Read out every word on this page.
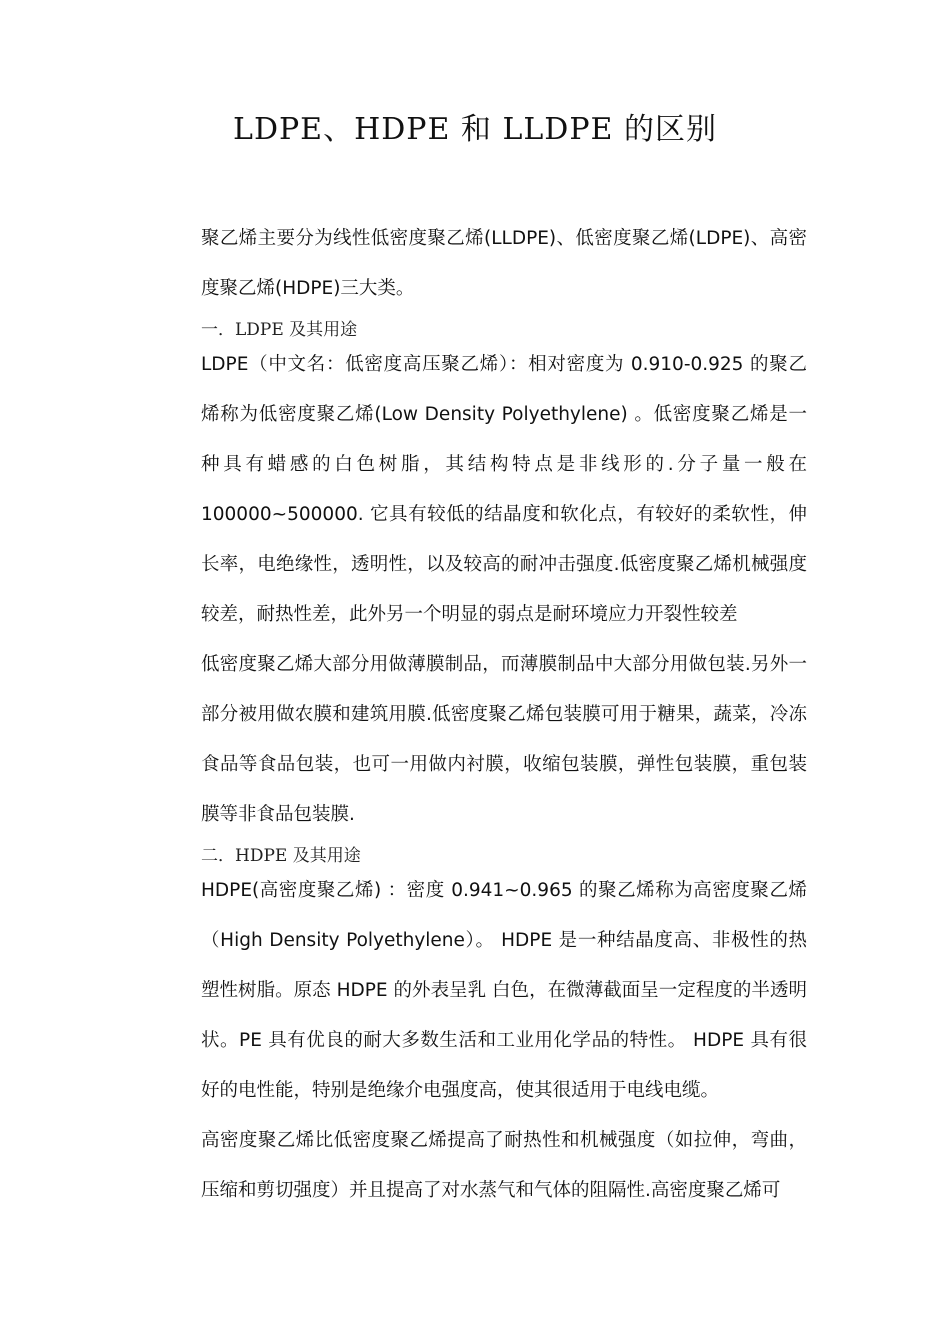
LDPE、HDPE 和 LLDPE 的区别

聚乙烯主要分为线性低密度聚乙烯(LLDPE)、低密度聚乙烯(LDPE)、高密度聚乙烯(HDPE)三大类。

一．LDPE 及其用途

LDPE（中文名：低密度高压聚乙烯）：相对密度为 0.910-0.925 的聚乙烯称为低密度聚乙烯(Low Density Polyethylene) 。低密度聚乙烯是一种具有蜡感的白色树脂，其结构特点是非线形的.分子量一般在 100000~500000. 它具有较低的结晶度和软化点，有较好的柔软性，伸长率，电绝缘性，透明性，以及较高的耐冲击强度.低密度聚乙烯机械强度较差，耐热性差，此外另一个明显的弱点是耐环境应力开裂性较差

低密度聚乙烯大部分用做薄膜制品，而薄膜制品中大部分用做包装.另外一部分被用做农膜和建筑用膜.低密度聚乙烯包装膜可用于糖果，蔬菜，冷冻食品等食品包装，也可一用做内衬膜，收缩包装膜，弹性包装膜，重包装膜等非食品包装膜.

二．HDPE 及其用途

HDPE(高密度聚乙烯) ：密度 0.941~0.965 的聚乙烯称为高密度聚乙烯（High Density Polyethylene）。 HDPE 是一种结晶度高、非极性的热塑性树脂。原态 HDPE 的外表呈乳 白色，在微薄截面呈一定程度的半透明状。PE 具有优良的耐大多数生活和工业用化学品的特性。 HDPE 具有很好的电性能，特别是绝缘介电强度高，使其很适用于电线电缆。

高密度聚乙烯比低密度聚乙烯提高了耐热性和机械强度（如拉伸，弯曲，压缩和剪切强度）并且提高了对水蒸气和气体的阻隔性.高密度聚乙烯可
